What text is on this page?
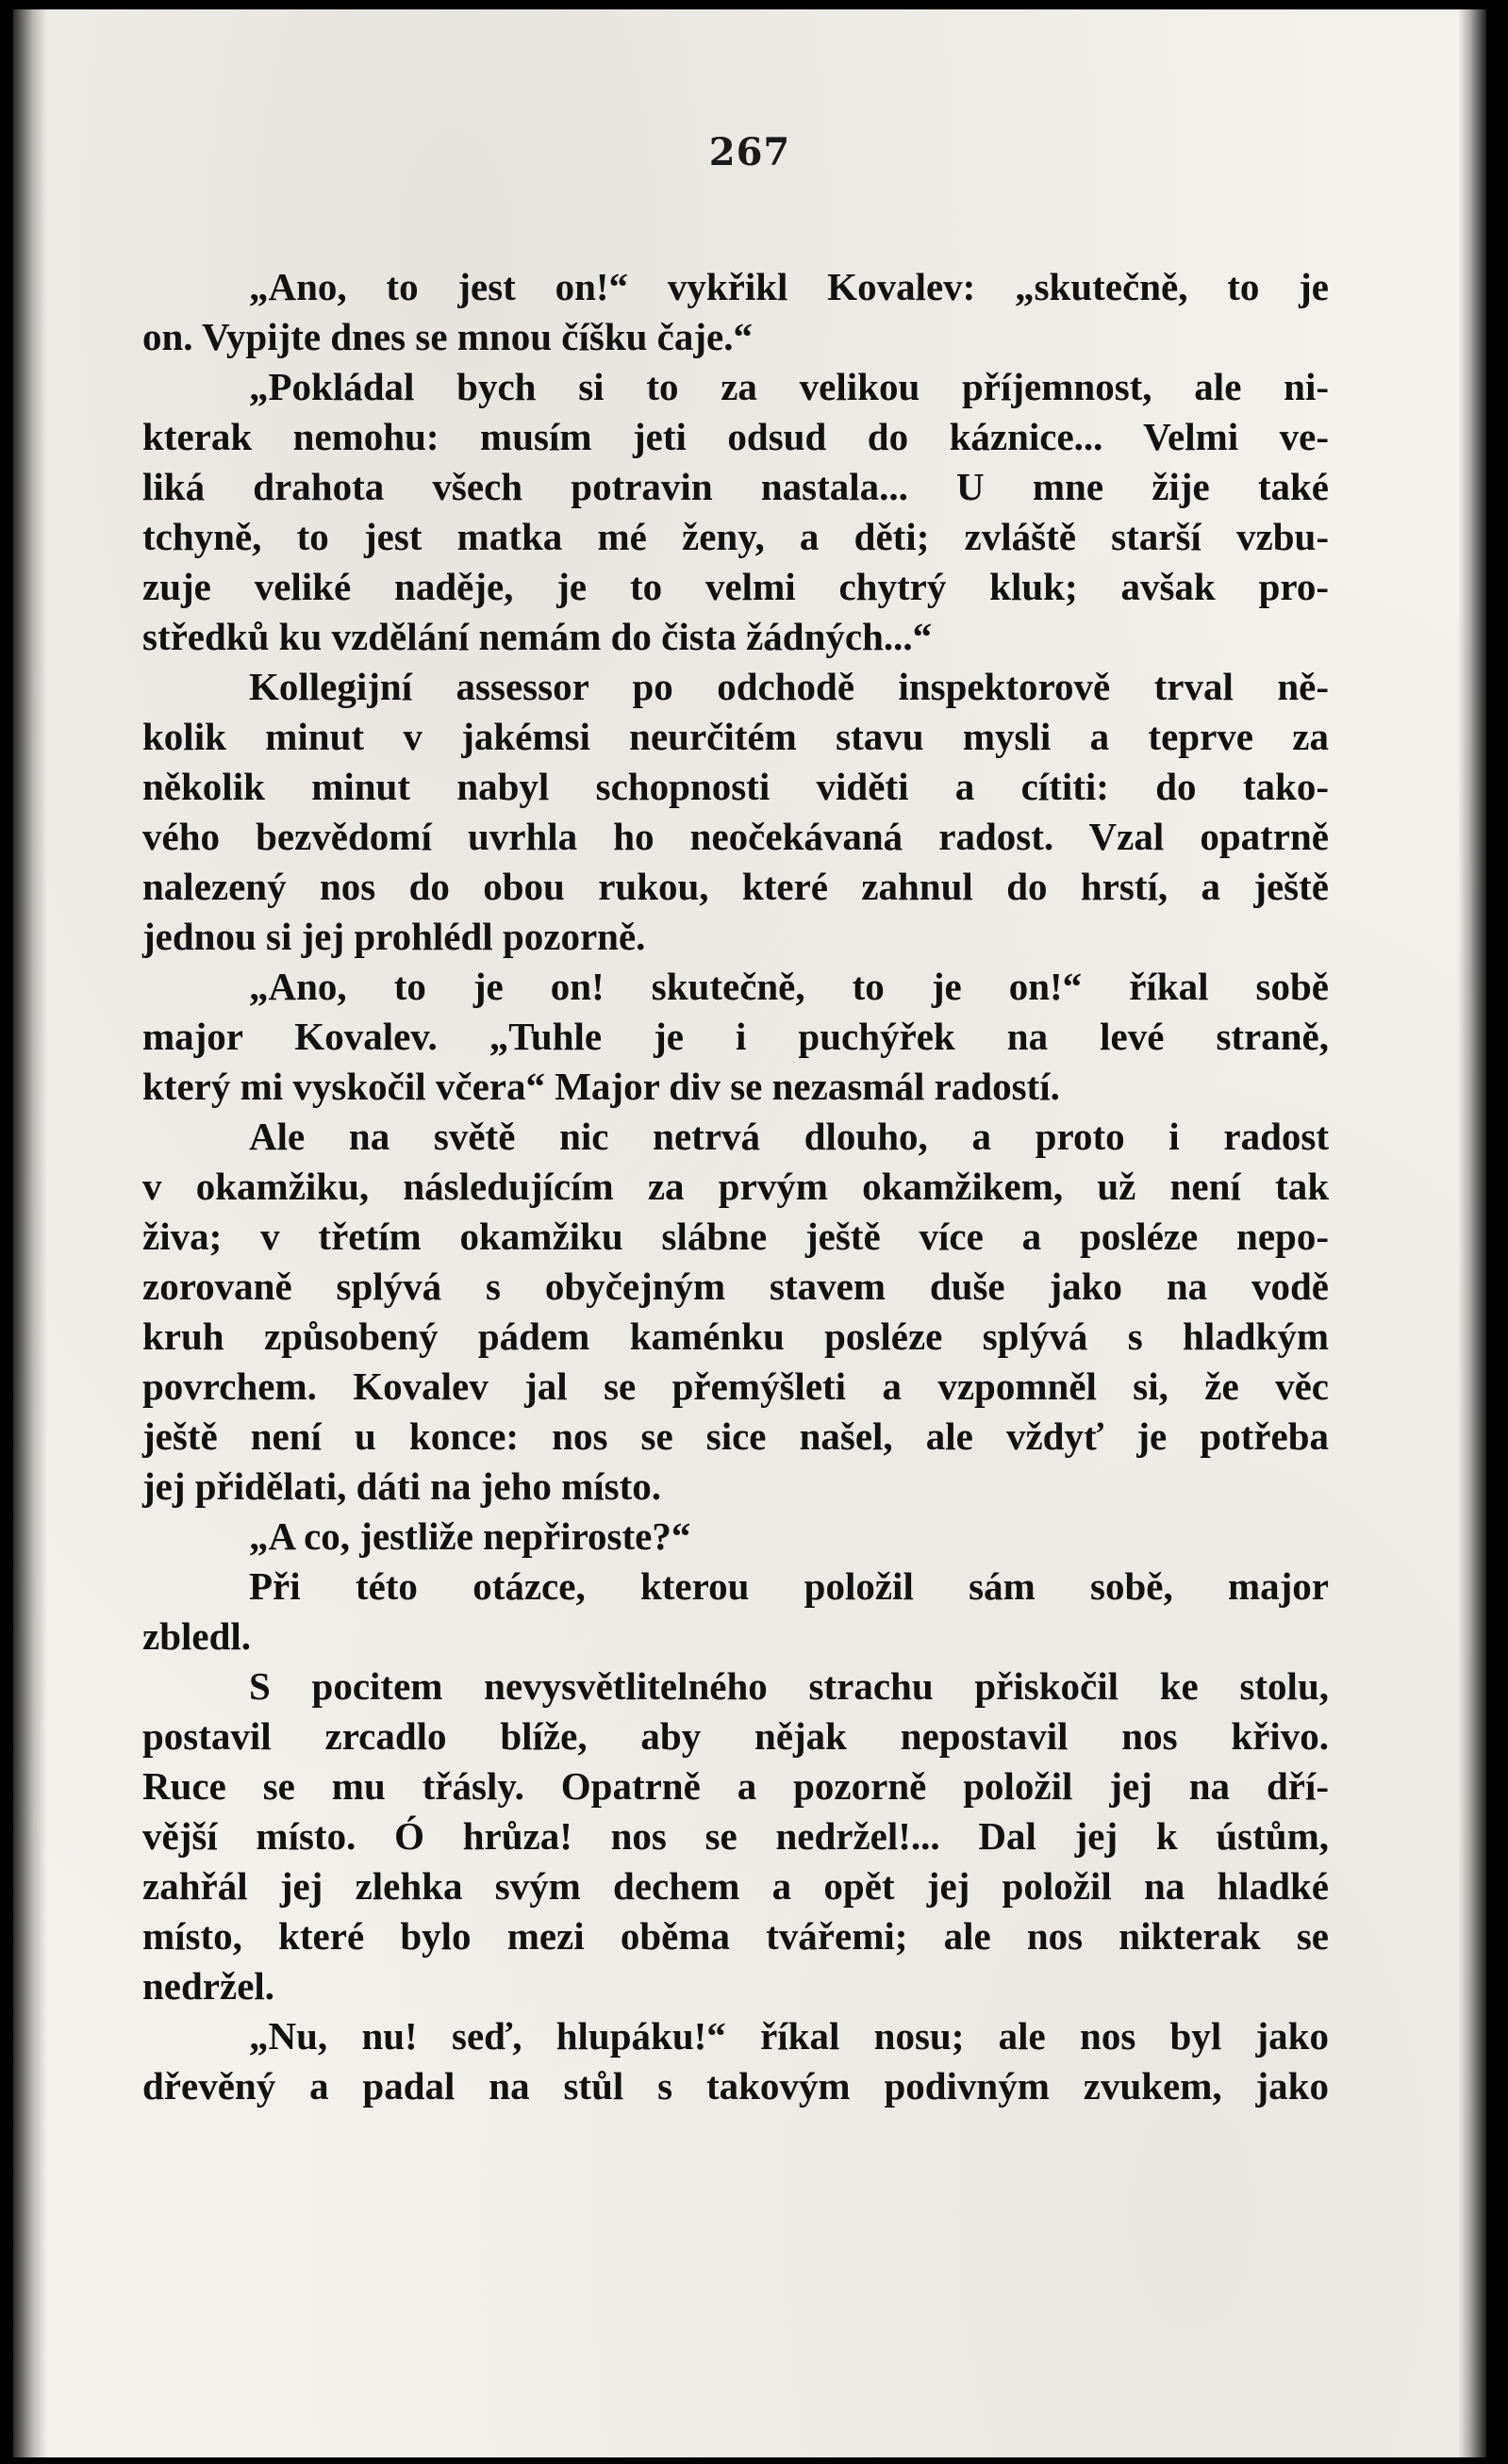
267
„Ano, to jest on!“ vykřikl Kovalev: „skutečně, to je
on. Vypijte dnes se mnou číšku čaje.“
„Pokládal bych si to za velikou příjemnost, ale ni-
kterak nemohu: musím jeti odsud do káznice... Velmi ve-
liká drahota všech potravin nastala... U mne žije také
tchyně, to jest matka mé ženy, a děti; zvláště starší vzbu-
zuje veliké naděje, je to velmi chytrý kluk; avšak pro-
středků ku vzdělání nemám do čista žádných...“
Kollegijní assessor po odchodě inspektorově trval ně-
kolik minut v jakémsi neurčitém stavu mysli a teprve za
několik minut nabyl schopnosti viděti a cítiti: do tako-
vého bezvědomí uvrhla ho neočekávaná radost. Vzal opatrně
nalezený nos do obou rukou, které zahnul do hrstí, a ještě
jednou si jej prohlédl pozorně.
„Ano, to je on! skutečně, to je on!“ říkal sobě
major Kovalev. „Tuhle je i puchýřek na levé straně,
který mi vyskočil včera“ Major div se nezasmál radostí.
Ale na světě nic netrvá dlouho, a proto i radost
v okamžiku, následujícím za prvým okamžikem, už není tak
živa; v třetím okamžiku slábne ještě více a posléze nepo-
zorovaně splývá s obyčejným stavem duše jako na vodě
kruh způsobený pádem kaménku posléze splývá s hladkým
povrchem. Kovalev jal se přemýšleti a vzpomněl si, že věc
ještě není u konce: nos se sice našel, ale vždyť je potřeba
jej přidělati, dáti na jeho místo.
„A co, jestliže nepřiroste?“
Při této otázce, kterou položil sám sobě, major
zbledl.
S pocitem nevysvětlitelného strachu přiskočil ke stolu,
postavil zrcadlo blíže, aby nějak nepostavil nos křivo.
Ruce se mu třásly. Opatrně a pozorně položil jej na dří-
vější místo. Ó hrůza! nos se nedržel!... Dal jej k ústům,
zahřál jej zlehka svým dechem a opět jej položil na hladké
místo, které bylo mezi oběma tvářemi; ale nos nikterak se
nedržel.
„Nu, nu! seď, hlupáku!“ říkal nosu; ale nos byl jako
dřevěný a padal na stůl s takovým podivným zvukem, jako
